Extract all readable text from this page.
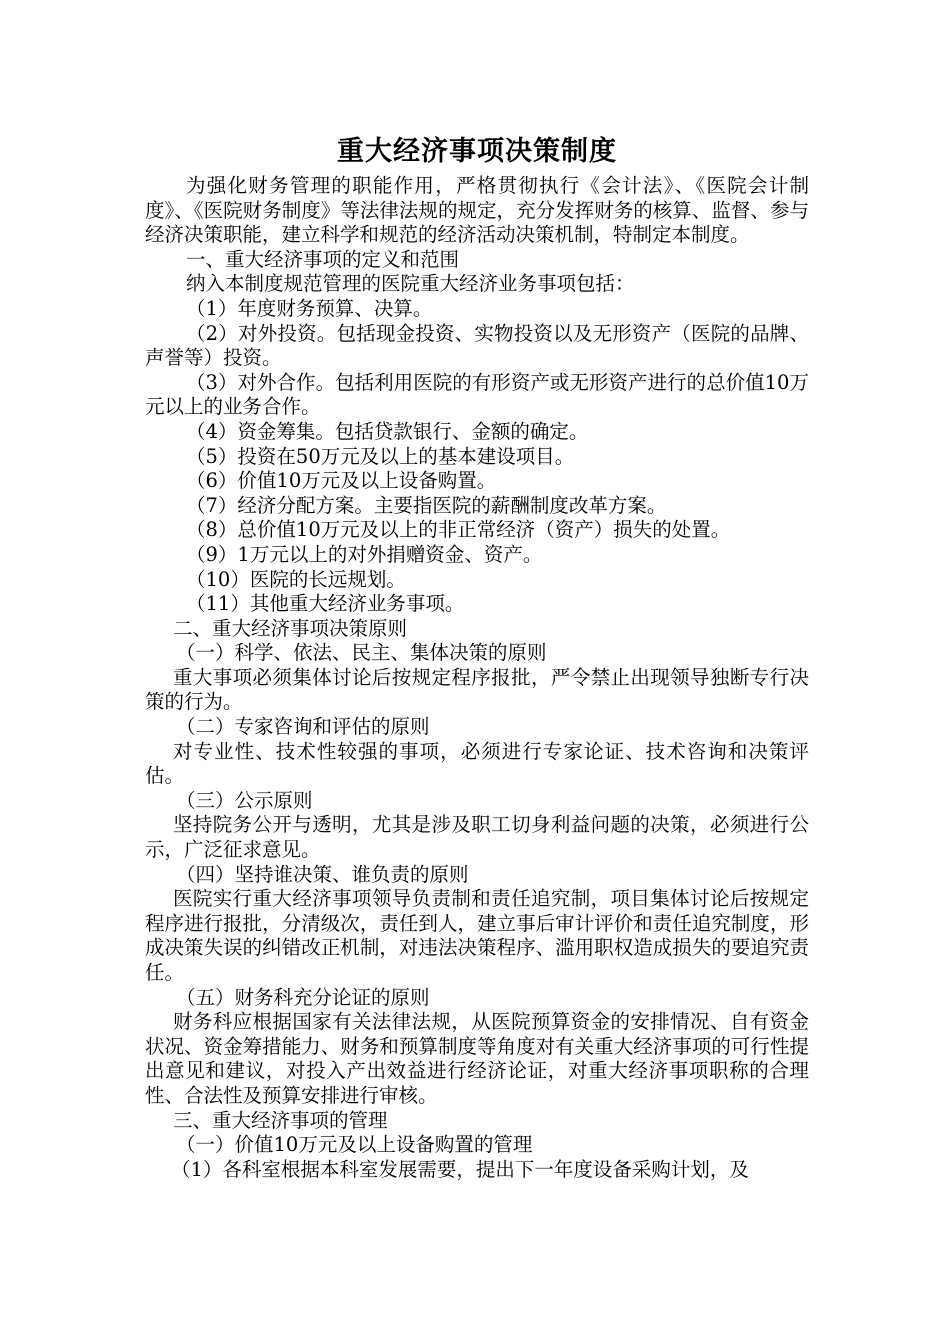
重大经济事项决策制度

为强化财务管理的职能作用，严格贯彻执行《会计法》、《医院会计制度》、《医院财务制度》等法律法规的规定，充分发挥财务的核算、监督、参与经济决策职能，建立科学和规范的经济活动决策机制，特制定本制度。

一、重大经济事项的定义和范围

纳入本制度规范管理的医院重大经济业务事项包括：

（1）年度财务预算、决算。

（2）对外投资。包括现金投资、实物投资以及无形资产（医院的品牌、声誉等）投资。

（3）对外合作。包括利用医院的有形资产或无形资产进行的总价值10万元以上的业务合作。

（4）资金筹集。包括贷款银行、金额的确定。

（5）投资在50万元及以上的基本建设项目。

（6）价值10万元及以上设备购置。

（7）经济分配方案。主要指医院的薪酬制度改革方案。

（8）总价值10万元及以上的非正常经济（资产）损失的处置。

（9）1万元以上的对外捐赠资金、资产。

（10）医院的长远规划。

（11）其他重大经济业务事项。

二、重大经济事项决策原则

（一）科学、依法、民主、集体决策的原则

重大事项必须集体讨论后按规定程序报批，严令禁止出现领导独断专行决策的行为。

（二）专家咨询和评估的原则

对专业性、技术性较强的事项，必须进行专家论证、技术咨询和决策评估。

（三）公示原则

坚持院务公开与透明，尤其是涉及职工切身利益问题的决策，必须进行公示，广泛征求意见。

（四）坚持谁决策、谁负责的原则

医院实行重大经济事项领导负责制和责任追究制，项目集体讨论后按规定程序进行报批，分清级次，责任到人，建立事后审计评价和责任追究制度，形成决策失误的纠错改正机制，对违法决策程序、滥用职权造成损失的要追究责任。

（五）财务科充分论证的原则

财务科应根据国家有关法律法规，从医院预算资金的安排情况、自有资金状况、资金筹措能力、财务和预算制度等角度对有关重大经济事项的可行性提出意见和建议，对投入产出效益进行经济论证，对重大经济事项职称的合理性、合法性及预算安排进行审核。

三、重大经济事项的管理

（一）价值10万元及以上设备购置的管理

（1）各科室根据本科室发展需要，提出下一年度设备采购计划，及
